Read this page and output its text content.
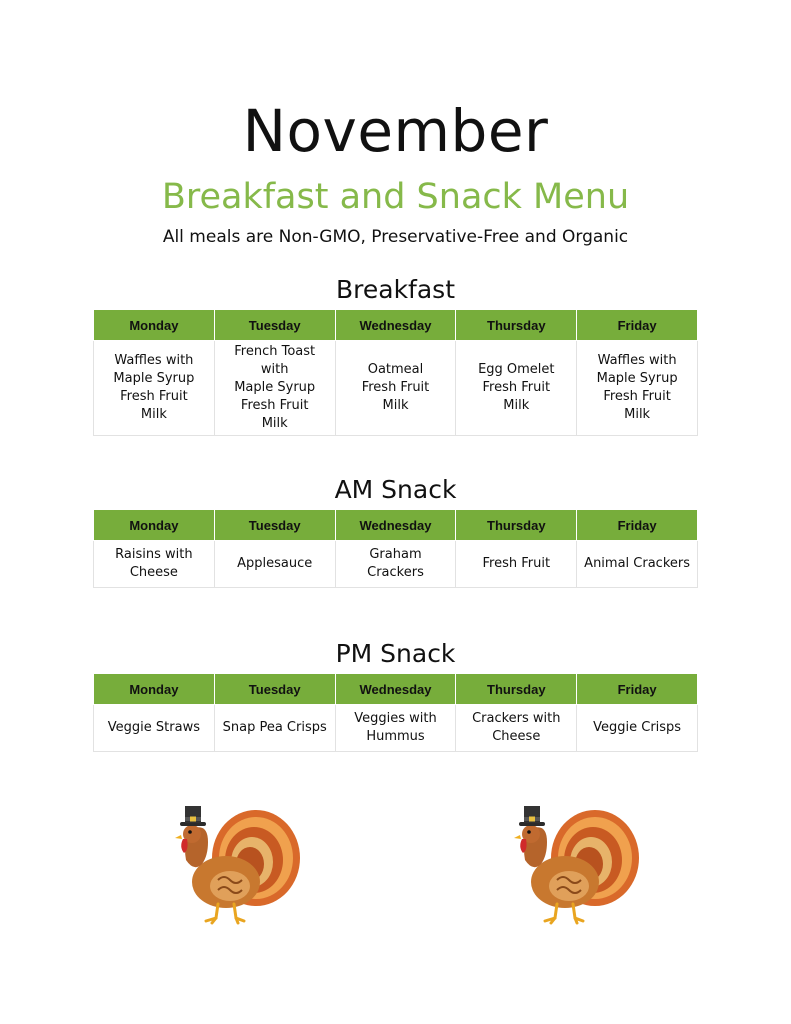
November
Breakfast and Snack Menu
All meals are Non-GMO, Preservative-Free and Organic
Breakfast
Monday	Tuesday	Wednesday	Thursday	Friday
Waffles with
Maple Syrup
Fresh Fruit
Milk	French Toast with
Maple Syrup
Fresh Fruit
Milk	Oatmeal
Fresh Fruit
Milk	Egg Omelet
Fresh Fruit
Milk	Waffles with
Maple Syrup
Fresh Fruit
Milk
AM Snack
Monday	Tuesday	Wednesday	Thursday	Friday
Raisins with
Cheese	Applesauce	Graham Crackers	Fresh Fruit	Animal Crackers
PM Snack
Monday	Tuesday	Wednesday	Thursday	Friday
Veggie Straws	Snap Pea Crisps	Veggies with
Hummus	Crackers with
Cheese	Veggie Crisps
